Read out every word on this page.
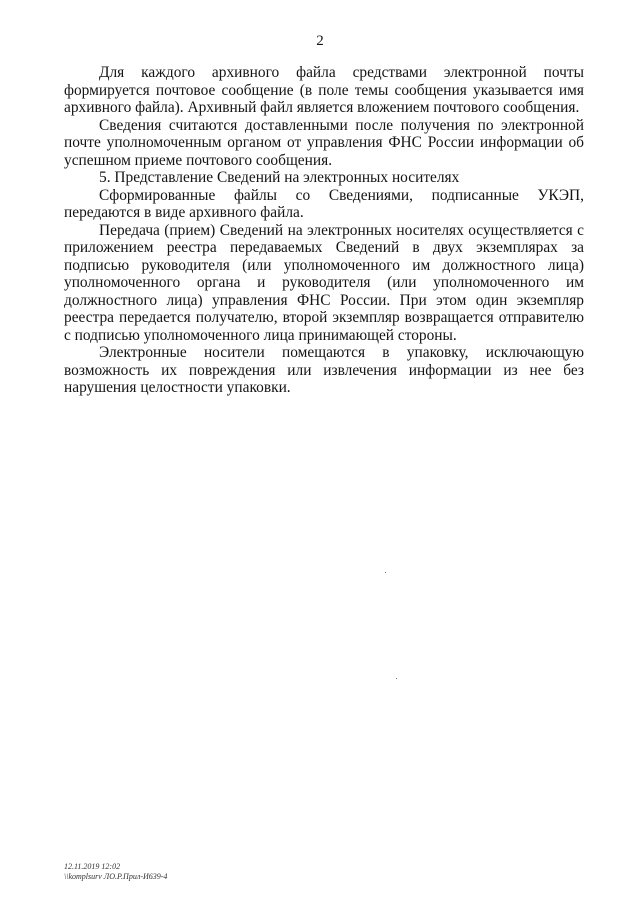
2

Для каждого архивного файла средствами электронной почты формируется почтовое сообщение (в поле темы сообщения указывается имя архивного файла). Архивный файл является вложением почтового сообщения.

Сведения считаются доставленными после получения по электронной почте уполномоченным органом от управления ФНС России информации об успешном приеме почтового сообщения.

5. Представление Сведений на электронных носителях

Сформированные файлы со Сведениями, подписанные УКЭП, передаются в виде архивного файла.

Передача (прием) Сведений на электронных носителях осуществляется с приложением реестра передаваемых Сведений в двух экземплярах за подписью руководителя (или уполномоченного им должностного лица) уполномоченного органа и руководителя (или уполномоченного им должностного лица) управления ФНС России. При этом один экземпляр реестра передается получателю, второй экземпляр возвращается отправителю с подписью уполномоченного лица принимающей стороны.

Электронные носители помещаются в упаковку, исключающую возможность их повреждения или извлечения информации из нее без нарушения целостности упаковки.

12.11.2019 12:02
\\komplsurv ЛО.Р.Прил-И639-4
